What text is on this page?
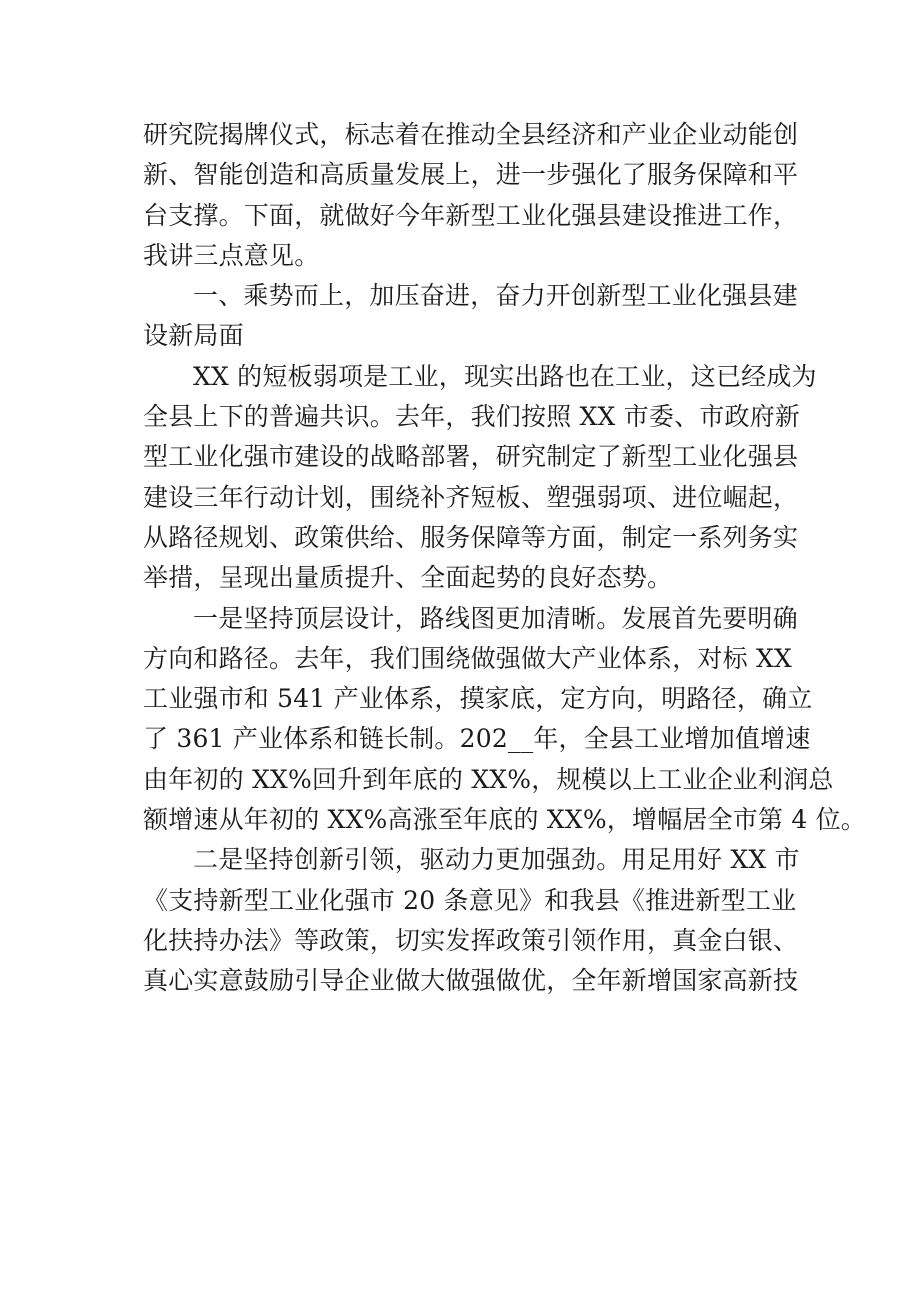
研究院揭牌仪式，标志着在推动全县经济和产业企业动能创
新、智能创造和高质量发展上，进一步强化了服务保障和平
台支撑。下面，就做好今年新型工业化强县建设推进工作，
我讲三点意见。
一、乘势而上，加压奋进，奋力开创新型工业化强县建
设新局面
XX 的短板弱项是工业，现实出路也在工业，这已经成为
全县上下的普遍共识。去年，我们按照 XX 市委、市政府新
型工业化强市建设的战略部署，研究制定了新型工业化强县
建设三年行动计划，围绕补齐短板、塑强弱项、进位崛起，
从路径规划、政策供给、服务保障等方面，制定一系列务实
举措，呈现出量质提升、全面起势的良好态势。
一是坚持顶层设计，路线图更加清晰。发展首先要明确
方向和路径。去年，我们围绕做强做大产业体系，对标 XX
工业强市和 541 产业体系，摸家底，定方向，明路径，确立
了 361 产业体系和链长制。202__年，全县工业增加值增速
由年初的 XX%回升到年底的 XX%，规模以上工业企业利润总
额增速从年初的 XX%高涨至年底的 XX%，增幅居全市第 4 位。
二是坚持创新引领，驱动力更加强劲。用足用好 XX 市
《支持新型工业化强市 20 条意见》和我县《推进新型工业
化扶持办法》等政策，切实发挥政策引领作用，真金白银、
真心实意鼓励引导企业做大做强做优，全年新增国家高新技
